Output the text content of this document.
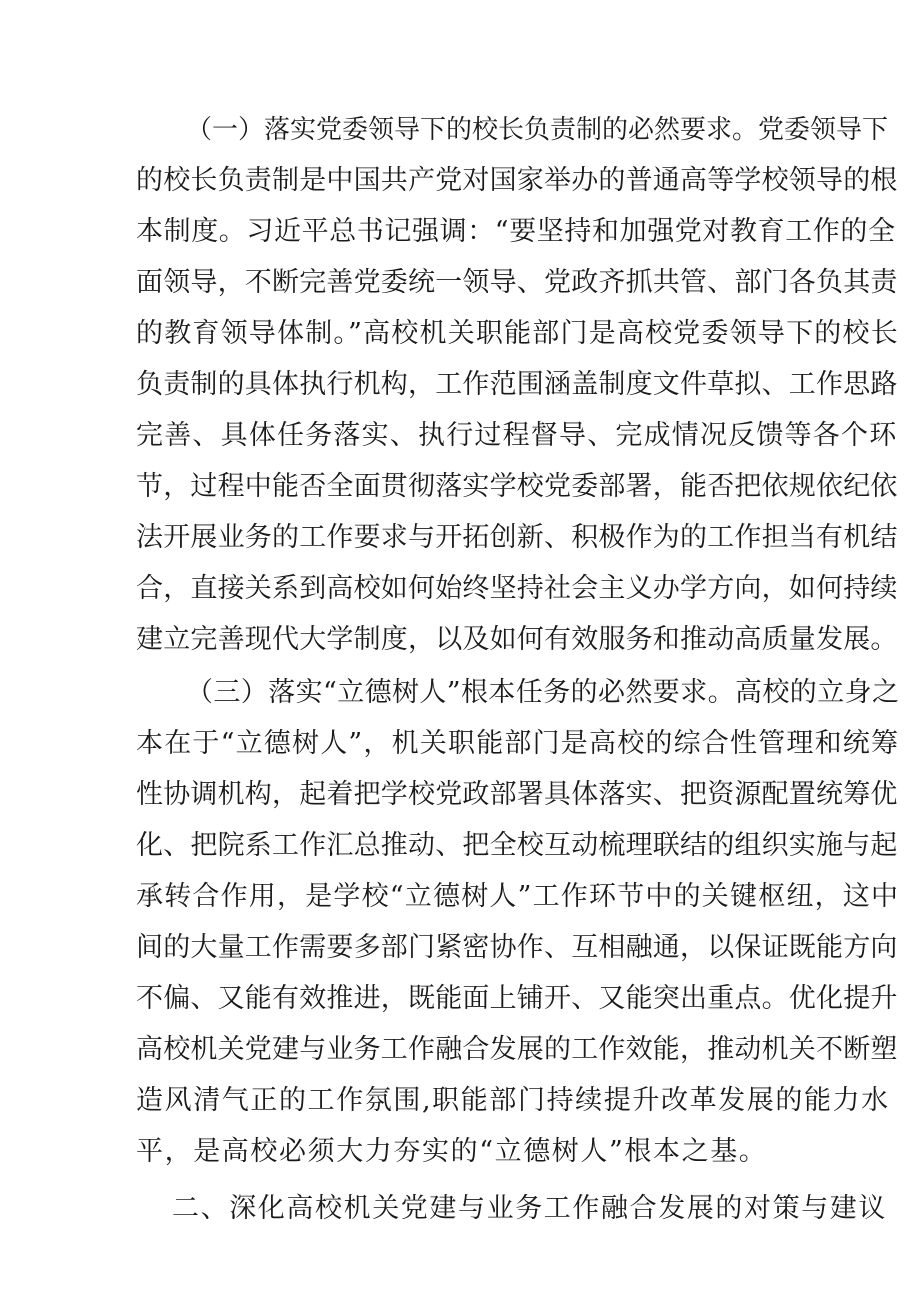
（一）落实党委领导下的校长负责制的必然要求。党委领导下

的校长负责制是中国共产党对国家举办的普通高等学校领导的根

本制度。习近平总书记强调：“要坚持和加强党对教育工作的全

面领导，不断完善党委统一领导、党政齐抓共管、部门各负其责

的教育领导体制。”高校机关职能部门是高校党委领导下的校长

负责制的具体执行机构，工作范围涵盖制度文件草拟、工作思路

完善、具体任务落实、执行过程督导、完成情况反馈等各个环

节，过程中能否全面贯彻落实学校党委部署，能否把依规依纪依

法开展业务的工作要求与开拓创新、积极作为的工作担当有机结

合，直接关系到高校如何始终坚持社会主义办学方向，如何持续

建立完善现代大学制度，以及如何有效服务和推动高质量发展。

（三）落实“立德树人”根本任务的必然要求。高校的立身之

本在于“立德树人”，机关职能部门是高校的综合性管理和统筹

性协调机构，起着把学校党政部署具体落实、把资源配置统筹优

化、把院系工作汇总推动、把全校互动梳理联结的组织实施与起

承转合作用，是学校“立德树人”工作环节中的关键枢纽，这中

间的大量工作需要多部门紧密协作、互相融通，以保证既能方向

不偏、又能有效推进，既能面上铺开、又能突出重点。优化提升

高校机关党建与业务工作融合发展的工作效能，推动机关不断塑

造风清气正的工作氛围,职能部门持续提升改革发展的能力水

平，是高校必须大力夯实的“立德树人”根本之基。

二、深化高校机关党建与业务工作融合发展的对策与建议
